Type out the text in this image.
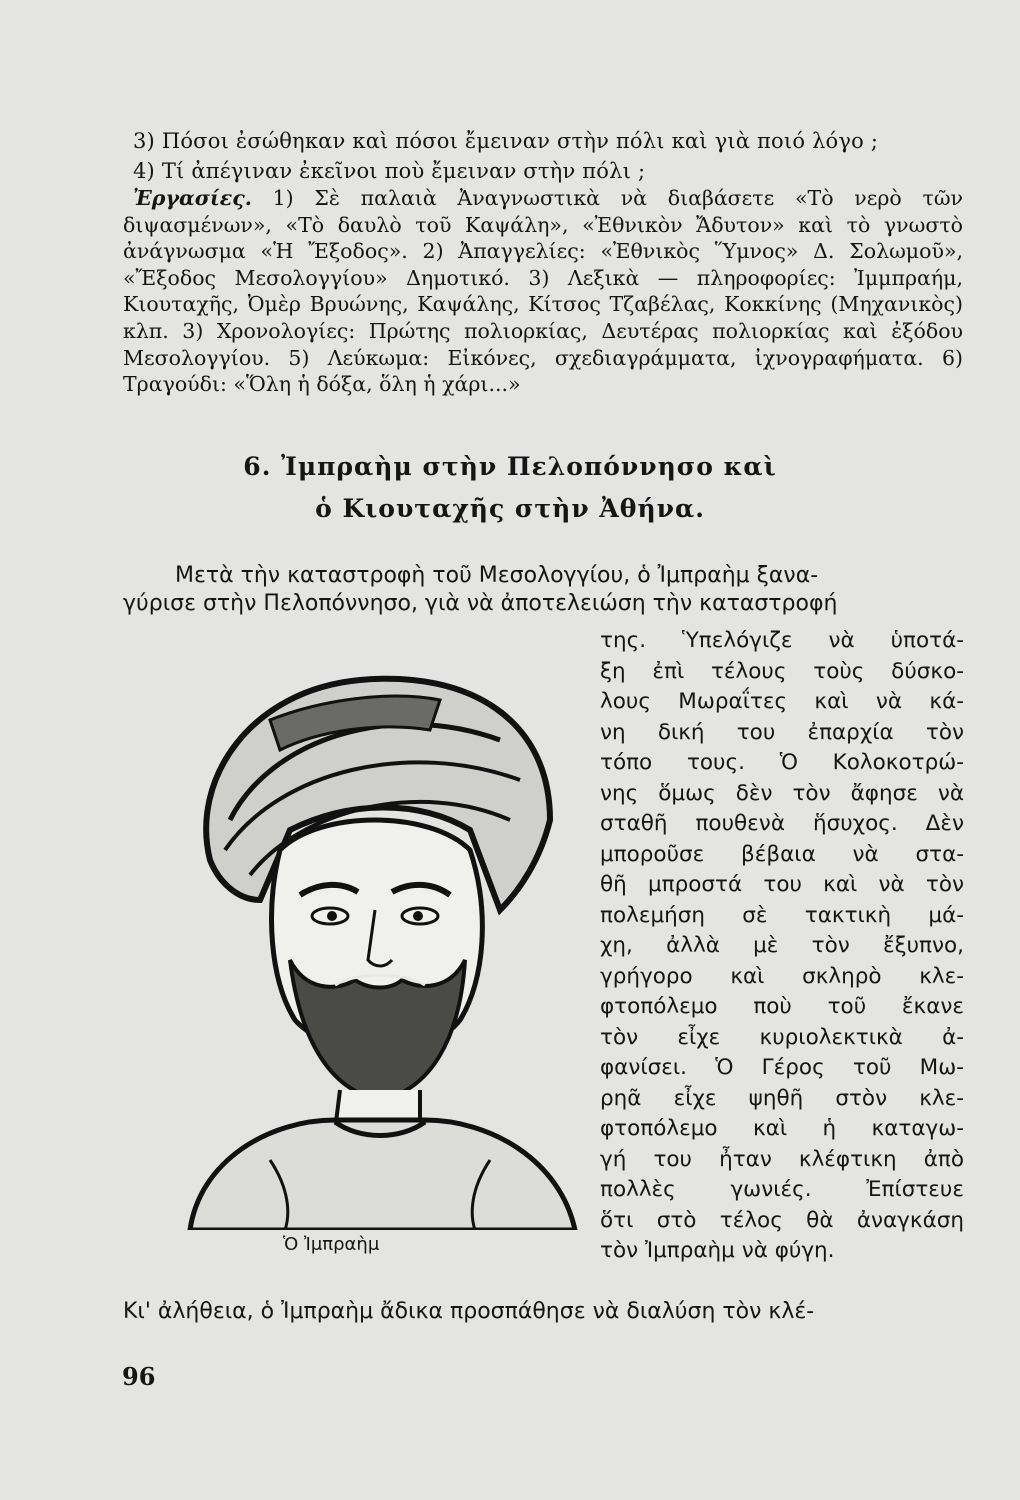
3) Πόσοι ἐσώθηκαν καὶ πόσοι ἔμειναν στὴν πόλι καὶ γιὰ ποιό λόγο ;

4) Τί ἀπέγιναν ἐκεῖνοι ποὺ ἔμειναν στὴν πόλι ;

Ἐργασίες. 1) Σὲ παλαιὰ Ἀναγνωστικὰ νὰ διαβάσετε «Τὸ νερὸ τῶν διψασμένων», «Τὸ δαυλὸ τοῦ Καψάλη», «Ἐθνικὸν Ἄδυτον» καὶ τὸ γνωστὸ ἀνάγνωσμα «Ἡ Ἔξοδος». 2) Ἀπαγγελίες: «Ἐθνικὸς Ὕμνος» Δ. Σολωμοῦ», «Ἔξοδος Μεσολογγίου» Δημοτικό. 3) Λεξικὰ — πληροφορίες: Ἰμμπραήμ, Κιουταχῆς, Ὀμὲρ Βρυώνης, Καψάλης, Κίτσος Τζαβέλας, Κοκκίνης (Μηχανικὸς) κλπ. 3) Χρονολογίες: Πρώτης πολιορκίας, Δευτέρας πολιορκίας καὶ ἐξόδου Μεσολογγίου. 5) Λεύκωμα: Εἰκόνες, σχεδιαγράμματα, ἰχνογραφήματα. 6) Τραγούδι: «Ὅλη ἡ δόξα, ὅλη ἡ χάρι...»
6. Ἰμπραὴμ στὴν Πελοπόννησο καὶ
ὁ Κιουταχῆς στὴν Ἀθήνα.
Μετὰ τὴν καταστροφὴ τοῦ Μεσολογγίου, ὁ Ἰμπραὴμ ξανα-
γύρισε στὴν Πελοπόννησο, γιὰ νὰ ἀποτελειώση τὴν καταστροφή
Ὁ Ἰμπραὴμ

της. Ὑπελόγιζε νὰ ὑποτά-

ξη ἐπὶ τέλους τοὺς δύσκο-

λους Μωραΐτες καὶ νὰ κά-

νη δική του ἐπαρχία τὸν

τόπο τους. Ὁ Κολοκοτρώ-

νης ὅμως δὲν τὸν ἄφησε νὰ

σταθῆ πουθενὰ ἥσυχος. Δὲν

μποροῦσε βέβαια νὰ στα-

θῆ μπροστά του καὶ νὰ τὸν

πολεμήση σὲ τακτικὴ μά-

χη, ἀλλὰ μὲ τὸν ἔξυπνο,

γρήγορο καὶ σκληρὸ κλε-

φτοπόλεμο ποὺ τοῦ ἔκανε

τὸν εἶχε κυριολεκτικὰ ἀ-

φανίσει. Ὁ Γέρος τοῦ Μω-

ρηᾶ εἶχε ψηθῆ στὸν κλε-

φτοπόλεμο καὶ ἡ καταγω-

γή του ἦταν κλέφτικη ἀπὸ

πολλὲς γωνιές. Ἐπίστευε

ὅτι στὸ τέλος θὰ ἀναγκάση

τὸν Ἰμπραὴμ νὰ φύγη.

Κι' ἀλήθεια, ὁ Ἰμπραὴμ ἄδικα προσπάθησε νὰ διαλύση τὸν κλέ-
96
